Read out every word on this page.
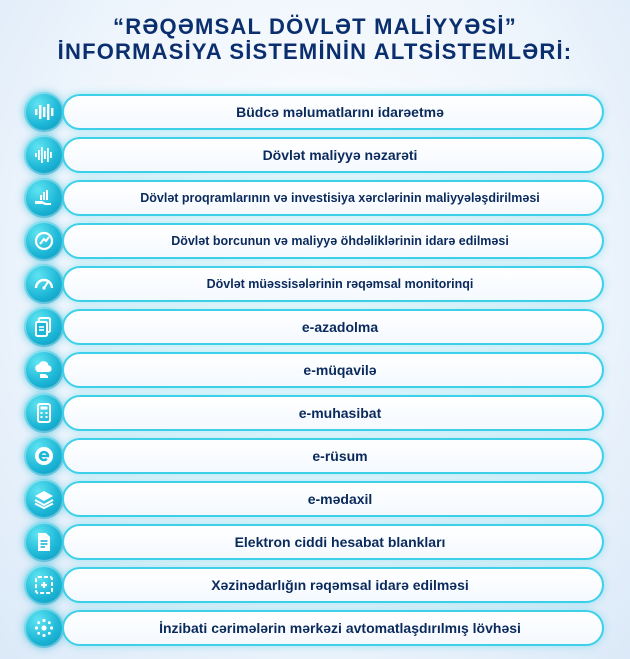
“RƏQƏMSAL DÖVLƏT MALİYYƏSİ”
İNFORMASİYA SİSTEMİNİN ALTSİSTEMLƏRİ:
Büdcə məlumatlarını idarəetmə
Dövlət maliyyə nəzarəti
Dövlət proqramlarının və investisiya xərclərinin maliyyələşdirilməsi
Dövlət borcunun və maliyyə öhdəliklərinin idarə edilməsi
Dövlət müəssisələrinin rəqəmsal monitorinqi
e-azadolma
e-müqavilə
e-muhasibat
e-rüsum
e-mədaxil
Elektron ciddi hesabat blankları
Xəzinədarlığın rəqəmsal idarə edilməsi
İnzibati cərimələrin mərkəzi avtomatlaşdırılmış lövhəsi
